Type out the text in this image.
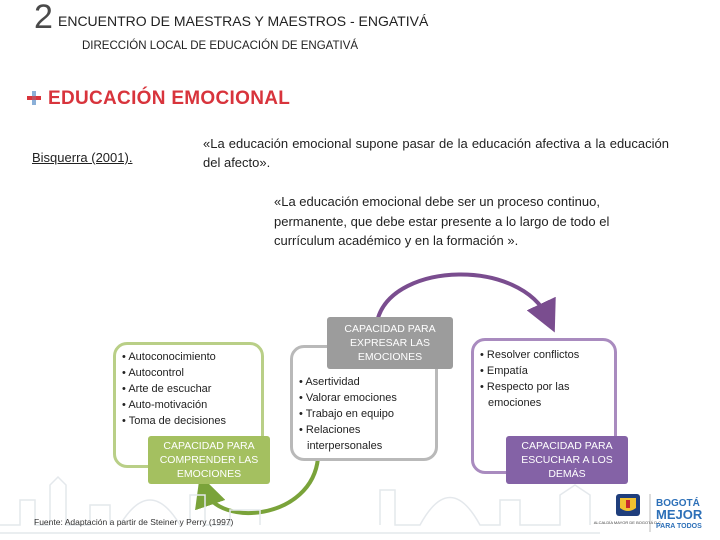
2 ENCUENTRO DE MAESTRAS Y MAESTROS - ENGATIVÁ
DIRECCIÓN LOCAL DE EDUCACIÓN DE ENGATIVÁ
EDUCACIÓN EMOCIONAL
Bisquerra (2001).
«La educación emocional supone pasar de la educación afectiva a la educación del afecto».
«La educación emocional debe ser un proceso continuo, permanente, que debe estar presente a lo largo de todo el currículum académico y en la formación ».
• Autoconocimiento
• Autocontrol
• Arte de escuchar
• Auto-motivación
• Toma de decisiones
CAPACIDAD PARA COMPRENDER LAS EMOCIONES
• Asertividad
• Valorar emociones
• Trabajo en equipo
• Relaciones interpersonales
CAPACIDAD PARA EXPRESAR LAS EMOCIONES
•	Resolver conflictos
• Empatía
• Respecto por las emociones
CAPACIDAD PARA ESCUCHAR A LOS DEMÁS
Fuente: Adaptación a partir de Steiner y Perry (1997)	ALCALDÍA MAYOR DE BOGOTÁ D.C.
BOGOTÁ
MEJOR
PARA TODOS
